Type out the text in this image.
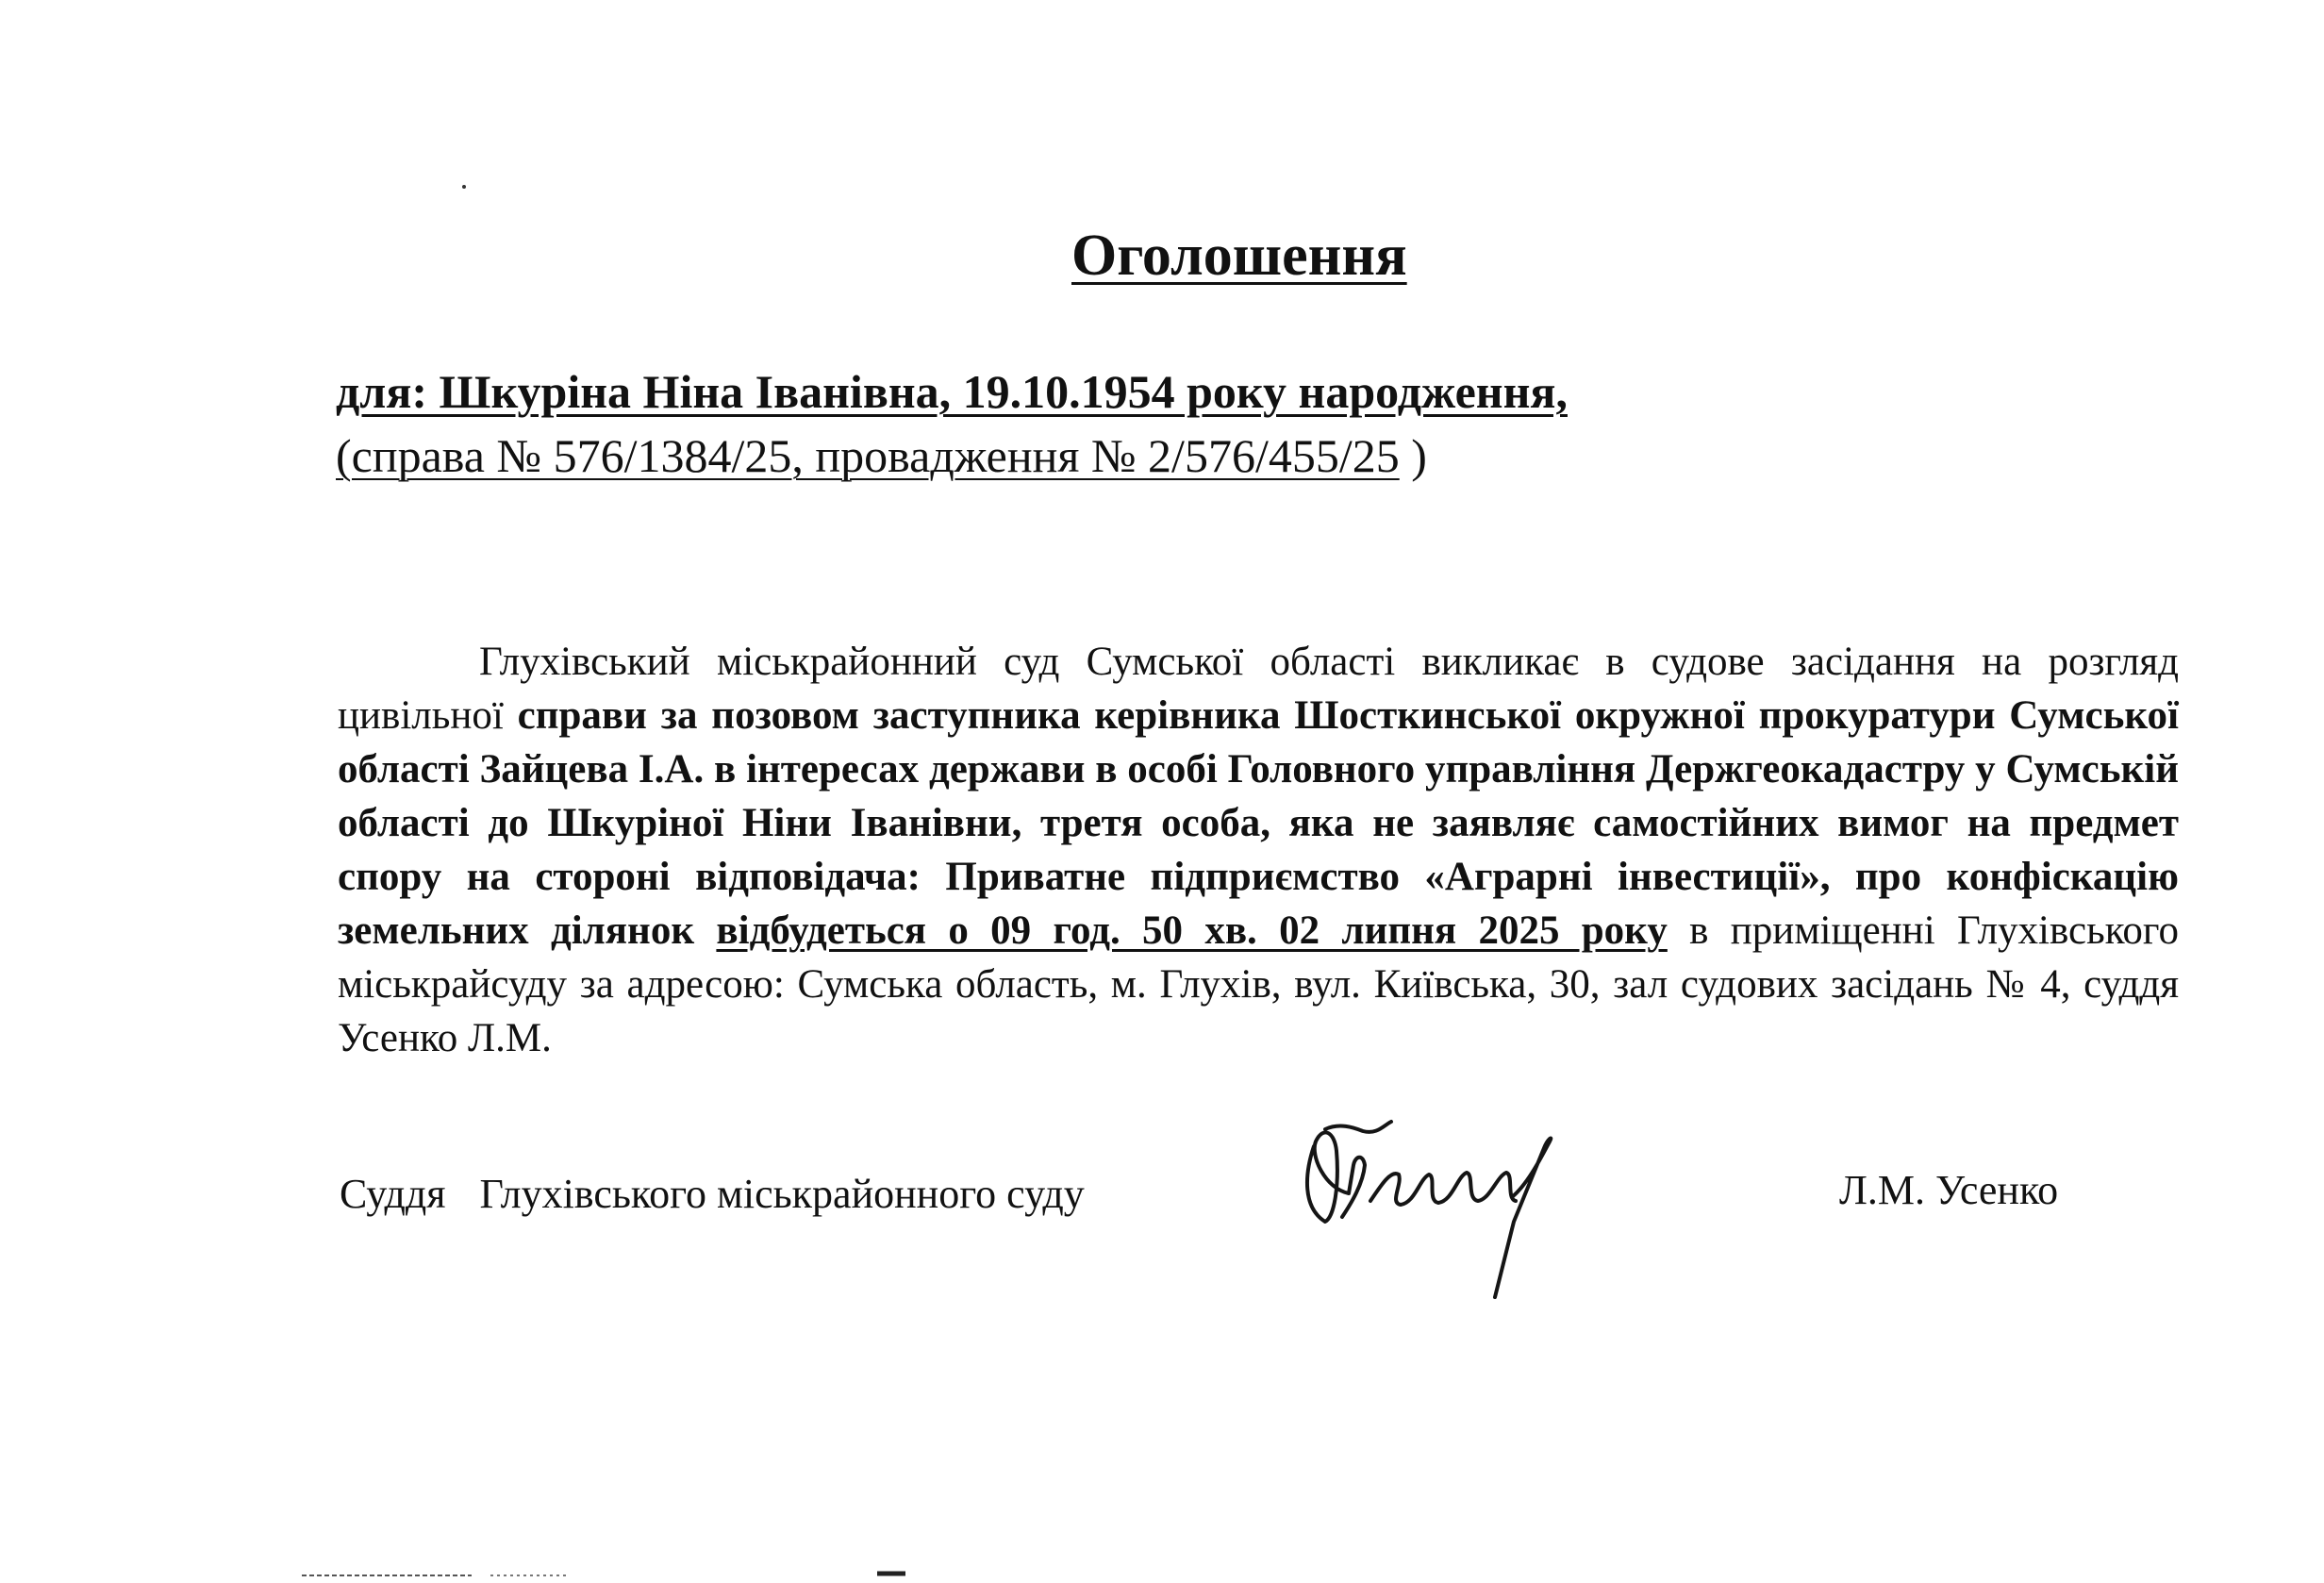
Оголошення
для: Шкуріна Ніна Іванівна, 19.10.1954 року народження,
(справа № 576/1384/25, провадження № 2/576/455/25 )

Глухівський міськрайонний суд Сумської області викликає в судове засідання на розгляд цивільної справи за позовом заступника керівника Шосткинської окружної прокуратури Сумської області Зайцева І.А. в інтересах держави в особі Головного управління Держгеокадастру у Сумській області до Шкуріної Ніни Іванівни, третя особа, яка не заявляє самостійних вимог на предмет спору на стороні відповідача: Приватне підприємство «Аграрні інвестиції», про конфіскацію земельних ділянок відбудеться о 09 год. 50 хв. 02 липня 2025 року в приміщенні Глухівського міськрайсуду за адресою: Сумська область, м. Глухів, вул. Київська, 30, зал судових засідань № 4, суддя Усенко Л.М.

Суддя Глухівського міськрайонного суду	Л.М. Усенко
